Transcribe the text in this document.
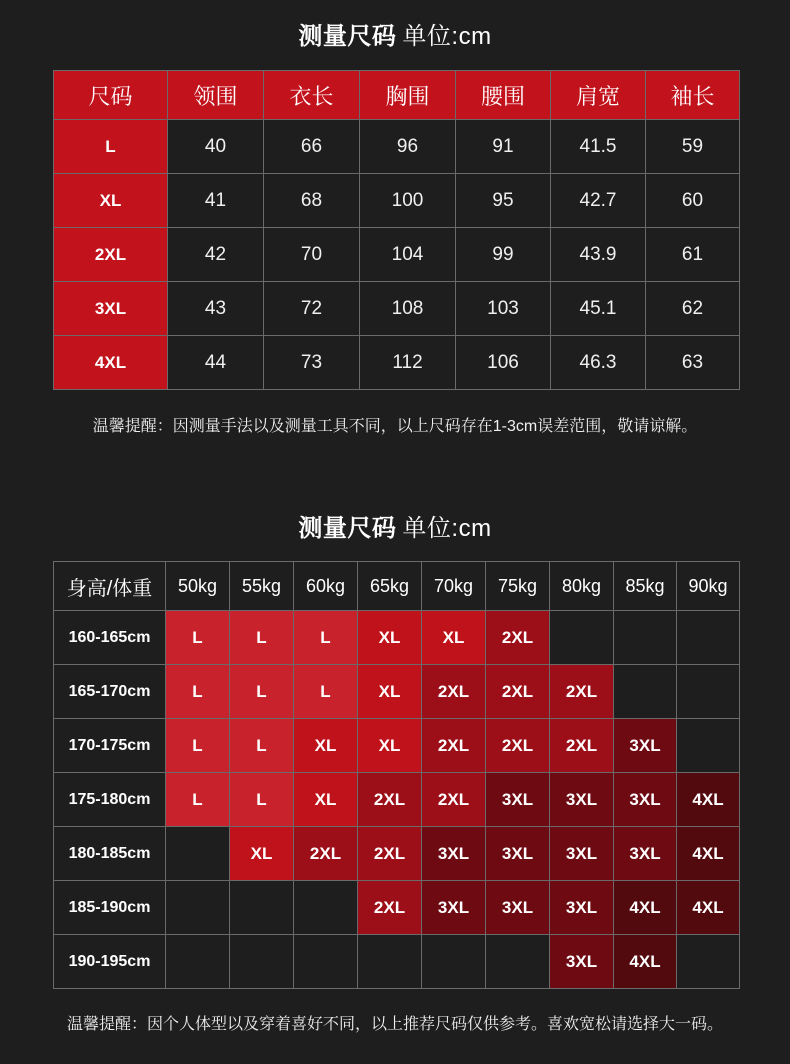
测量尺码 单位:cm
尺码	领围	衣长	胸围	腰围	肩宽	袖长
L	40	66	96	91	41.5	59
XL	41	68	100	95	42.7	60
2XL	42	70	104	99	43.9	61
3XL	43	72	108	103	45.1	62
4XL	44	73	112	106	46.3	63
温馨提醒：因测量手法以及测量工具不同，以上尺码存在1-3cm误差范围，敬请谅解。
测量尺码 单位:cm
身高/体重	50kg	55kg	60kg	65kg	70kg	75kg	80kg	85kg	90kg
160-165cm	L	L	L	XL	XL	2XL			
165-170cm	L	L	L	XL	2XL	2XL	2XL		
170-175cm	L	L	XL	XL	2XL	2XL	2XL	3XL	
175-180cm	L	L	XL	2XL	2XL	3XL	3XL	3XL	4XL
180-185cm		XL	2XL	2XL	3XL	3XL	3XL	3XL	4XL
185-190cm				2XL	3XL	3XL	3XL	4XL	4XL
190-195cm							3XL	4XL	
温馨提醒：因个人体型以及穿着喜好不同，以上推荐尺码仅供参考。喜欢宽松请选择大一码。
